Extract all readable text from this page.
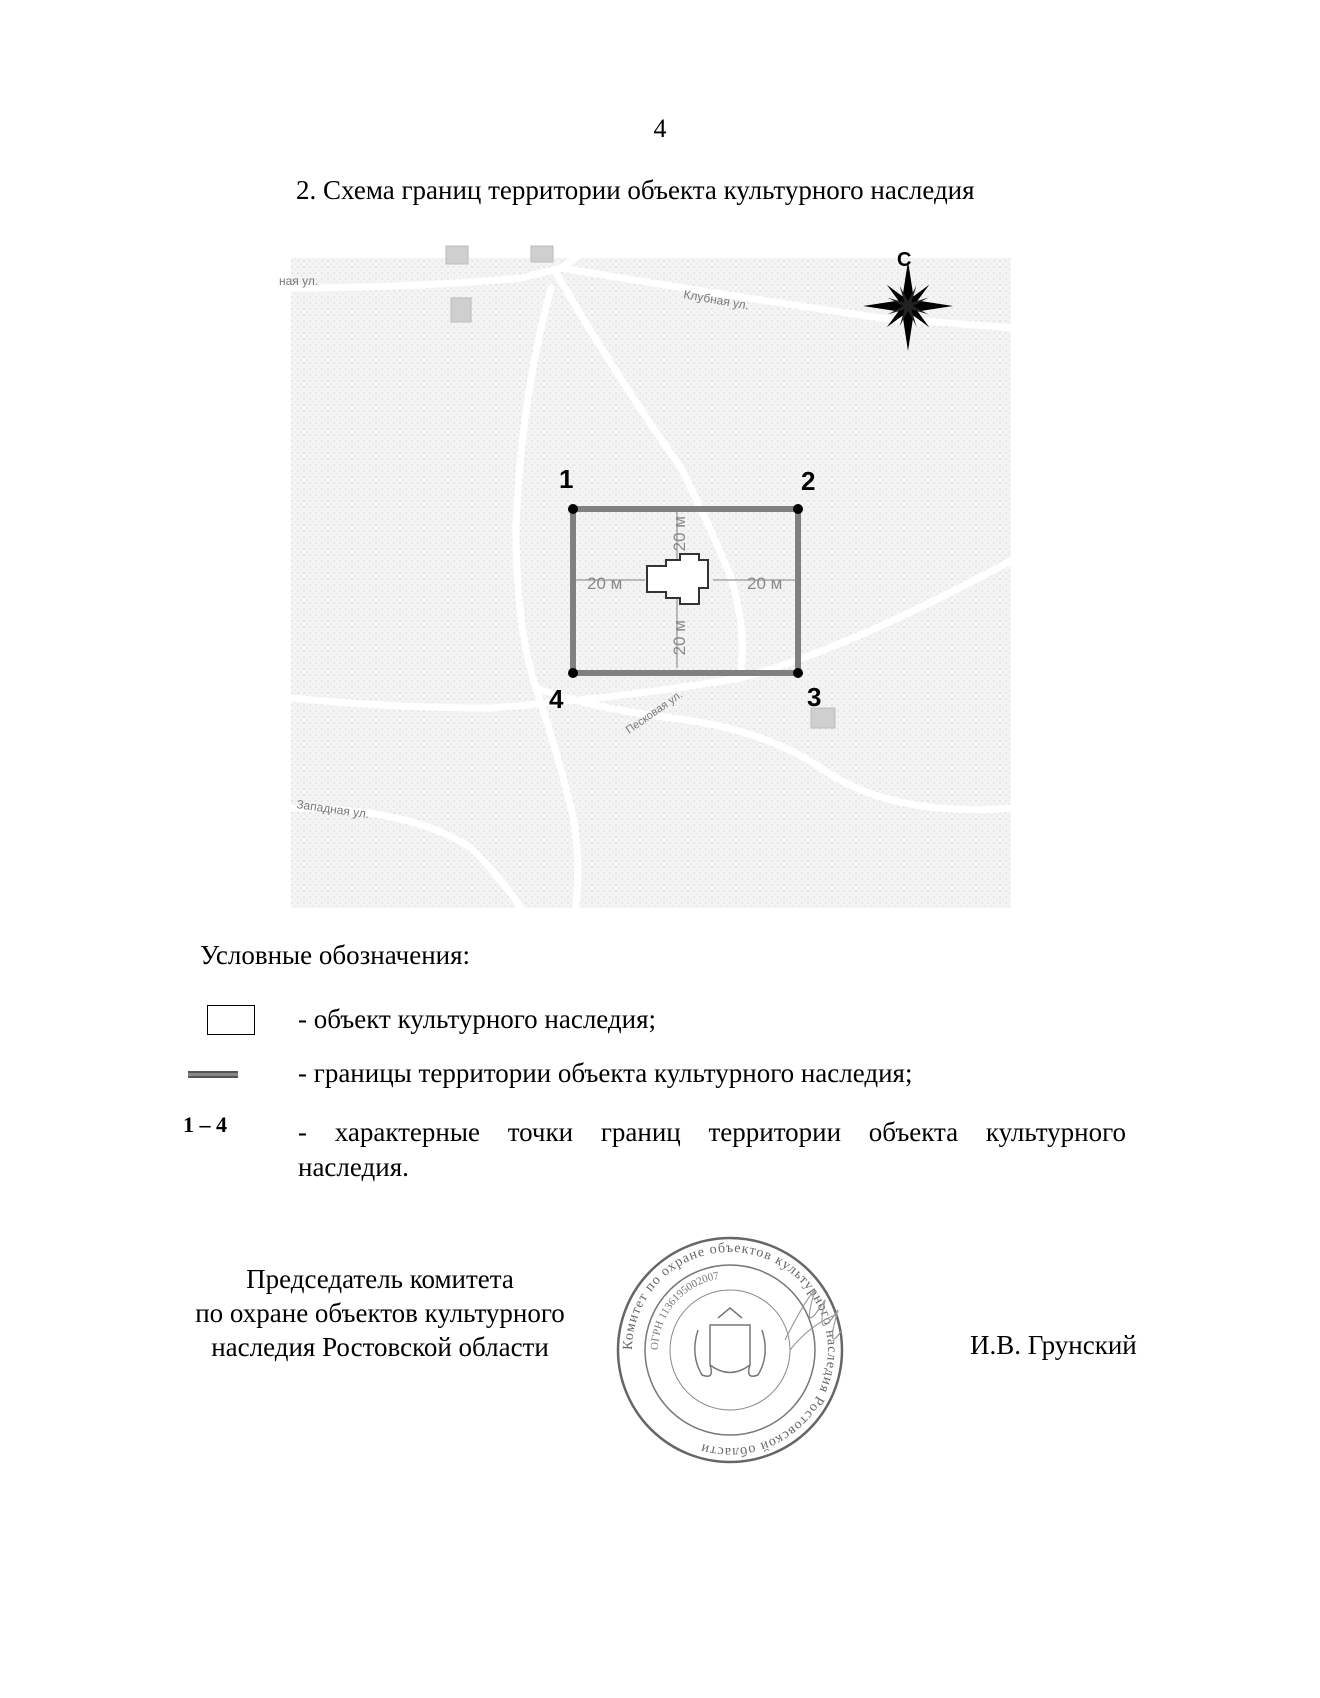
4
2. Схема границ территории объекта культурного наследия
ная ул.
Клубная ул.
Песковая ул.
Западная ул.
С
20 м
20 м	20 м
20 м
1	2
3
4
Условные обозначения:
- объект культурного наследия;
- границы территории объекта культурного наследия;
1 – 4	- характерные точки границ территории объекта культурного
наследия.
Председатель комитета
по охране объектов культурного
наследия Ростовской области	Комитет по охране объектов культурного наследия Ростовской области
ОГРН 1136195002007
И.В. Грунский
